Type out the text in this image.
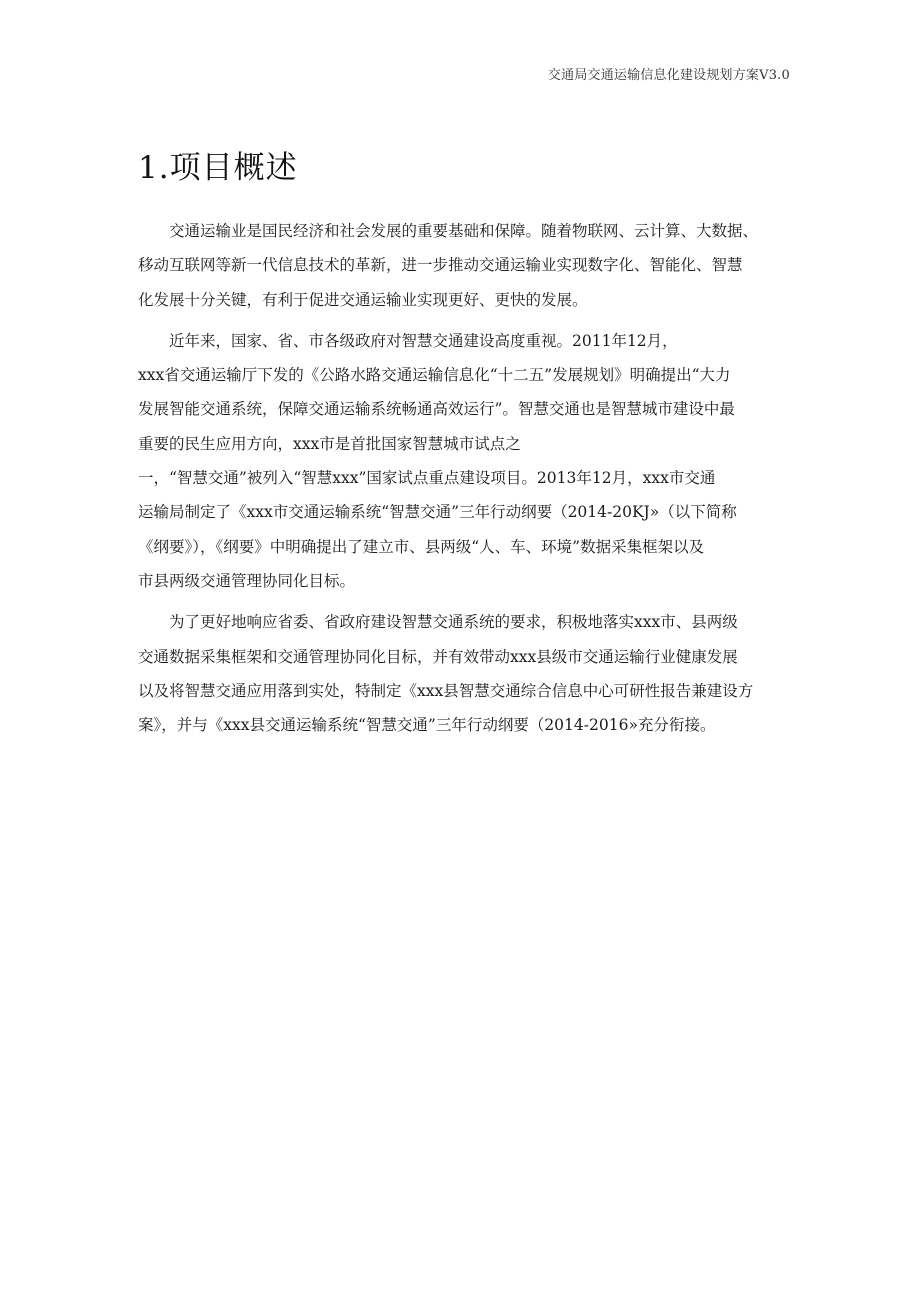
交通局交通运输信息化建设规划方案V3.0
1.项目概述

交通运输业是国民经济和社会发展的重要基础和保障。随着物联网、云计算、大数据、
移动互联网等新一代信息技术的革新，进一步推动交通运输业实现数字化、智能化、智慧
化发展十分关键，有利于促进交通运输业实现更好、更快的发展。

近年来，国家、省、市各级政府对智慧交通建设高度重视。2011年12月，
xxx省交通运输厅下发的《公路水路交通运输信息化“十二五”发展规划》明确提出“大力
发展智能交通系统，保障交通运输系统畅通高效运行”。智慧交通也是智慧城市建设中最
重要的民生应用方向，xxx市是首批国家智慧城市试点之
一，“智慧交通”被列入“智慧xxx”国家试点重点建设项目。2013年12月，xxx市交通
运输局制定了《xxx市交通运输系统“智慧交通”三年行动纲要（2014-20KJ»（以下简称
《纲要》），《纲要》中明确提出了建立市、县两级“人、车、环境”数据采集框架以及
市县两级交通管理协同化目标。

为了更好地响应省委、省政府建设智慧交通系统的要求，积极地落实xxx市、县两级
交通数据采集框架和交通管理协同化目标，并有效带动xxx县级市交通运输行业健康发展
以及将智慧交通应用落到实处，特制定《xxx县智慧交通综合信息中心可研性报告兼建设方
案》，并与《xxx县交通运输系统“智慧交通”三年行动纲要（2014-2016»充分衔接。
